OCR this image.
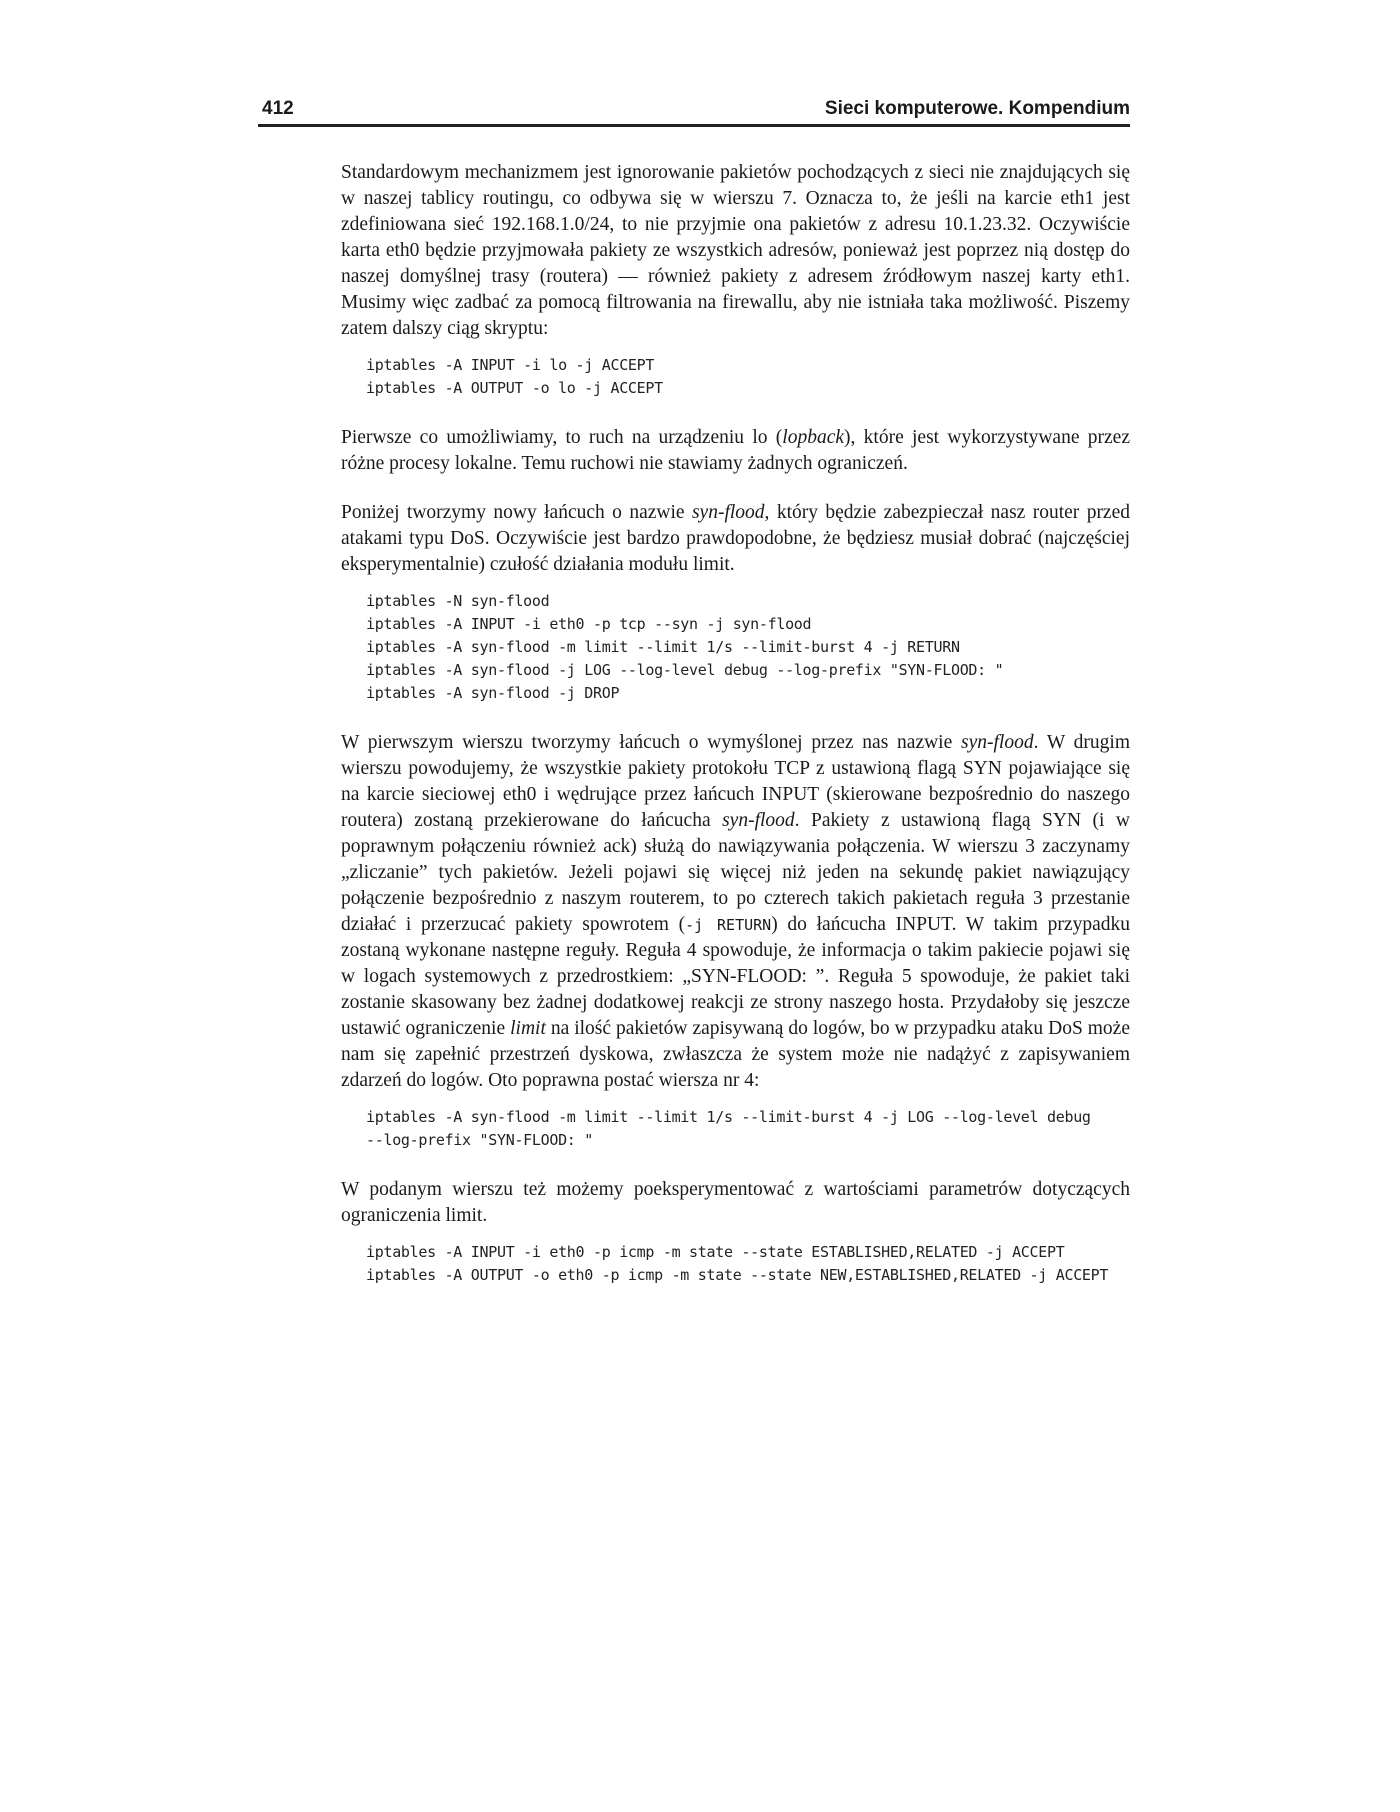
412	Sieci komputerowe. Kompendium

Standardowym mechanizmem jest ignorowanie pakietów pochodzących z sieci nie znajdujących się w naszej tablicy routingu, co odbywa się w wierszu 7. Oznacza to, że jeśli na karcie eth1 jest zdefiniowana sieć 192.168.1.0/24, to nie przyjmie ona pakietów z adresu 10.1.23.32. Oczywiście karta eth0 będzie przyjmowała pakiety ze wszystkich adresów, ponieważ jest poprzez nią dostęp do naszej domyślnej trasy (routera) — również pakiety z adresem źródłowym naszej karty eth1. Musimy więc zadbać za pomocą filtrowania na firewallu, aby nie istniała taka możliwość. Piszemy zatem dalszy ciąg skryptu:

iptables -A INPUT -i lo -j ACCEPT
iptables -A OUTPUT -o lo -j ACCEPT

Pierwsze co umożliwiamy, to ruch na urządzeniu lo (lopback), które jest wykorzystywane przez różne procesy lokalne. Temu ruchowi nie stawiamy żadnych ograniczeń.

Poniżej tworzymy nowy łańcuch o nazwie syn-flood, który będzie zabezpieczał nasz router przed atakami typu DoS. Oczywiście jest bardzo prawdopodobne, że będziesz musiał dobrać (najczęściej eksperymentalnie) czułość działania modułu limit.

iptables -N syn-flood
iptables -A INPUT -i eth0 -p tcp --syn -j syn-flood
iptables -A syn-flood -m limit --limit 1/s --limit-burst 4 -j RETURN
iptables -A syn-flood -j LOG --log-level debug --log-prefix "SYN-FLOOD: "
iptables -A syn-flood -j DROP

W pierwszym wierszu tworzymy łańcuch o wymyślonej przez nas nazwie syn-flood. W drugim wierszu powodujemy, że wszystkie pakiety protokołu TCP z ustawioną flagą SYN pojawiające się na karcie sieciowej eth0 i wędrujące przez łańcuch INPUT (skierowane bezpośrednio do naszego routera) zostaną przekierowane do łańcucha syn-flood. Pakiety z ustawioną flagą SYN (i w poprawnym połączeniu również ack) służą do nawiązywania połączenia. W wierszu 3 zaczynamy „zliczanie” tych pakietów. Jeżeli pojawi się więcej niż jeden na sekundę pakiet nawiązujący połączenie bezpośrednio z naszym routerem, to po czterech takich pakietach reguła 3 przestanie działać i przerzucać pakiety spowrotem (-j RETURN) do łańcucha INPUT. W takim przypadku zostaną wykonane następne reguły. Reguła 4 spowoduje, że informacja o takim pakiecie pojawi się w logach systemowych z przedrostkiem: „SYN-FLOOD: ”. Reguła 5 spowoduje, że pakiet taki zostanie skasowany bez żadnej dodatkowej reakcji ze strony naszego hosta. Przydałoby się jeszcze ustawić ograniczenie limit na ilość pakietów zapisywaną do logów, bo w przypadku ataku DoS może nam się zapełnić przestrzeń dyskowa, zwłaszcza że system może nie nadążyć z zapisywaniem zdarzeń do logów. Oto poprawna postać wiersza nr 4:

iptables -A syn-flood -m limit --limit 1/s --limit-burst 4 -j LOG --log-level debug
--log-prefix "SYN-FLOOD: "

W podanym wierszu też możemy poeksperymentować z wartościami parametrów dotyczących ograniczenia limit.

iptables -A INPUT -i eth0 -p icmp -m state --state ESTABLISHED,RELATED -j ACCEPT
iptables -A OUTPUT -o eth0 -p icmp -m state --state NEW,ESTABLISHED,RELATED -j ACCEPT
